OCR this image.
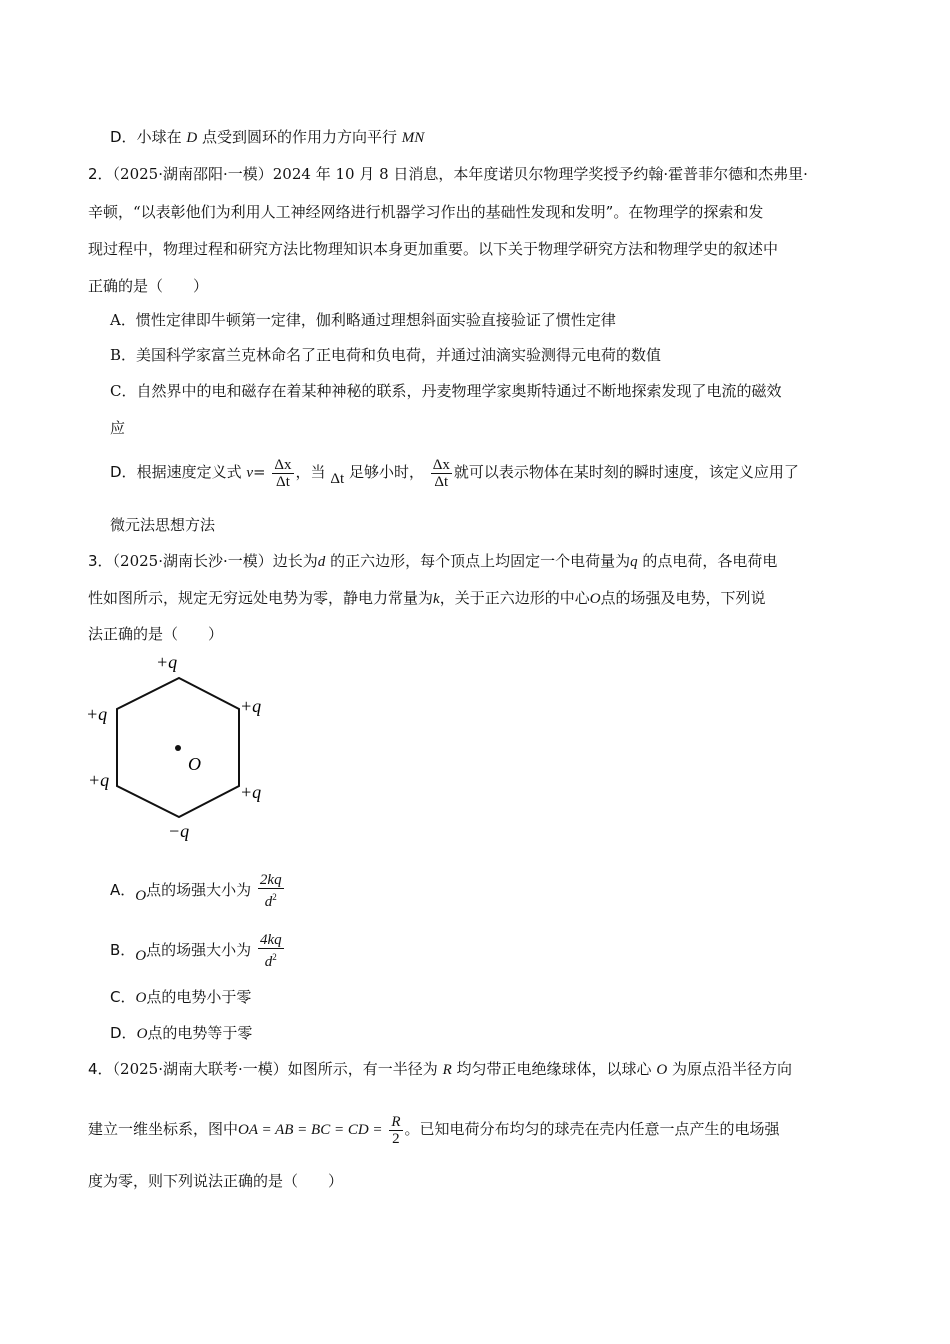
D．小球在 D 点受到圆环的作用力方向平行 MN
2．（2025·湖南邵阳·一模）2024 年 10 月 8 日消息，本年度诺贝尔物理学奖授予约翰·霍普菲尔德和杰弗里·
辛顿，“以表彰他们为利用人工神经网络进行机器学习作出的基础性发现和发明”。在物理学的探索和发
现过程中，物理过程和研究方法比物理知识本身更加重要。以下关于物理学研究方法和物理学史的叙述中
正确的是（　　）
A．惯性定律即牛顿第一定律，伽利略通过理想斜面实验直接验证了惯性定律
B．美国科学家富兰克林命名了正电荷和负电荷，并通过油滴实验测得元电荷的数值
C．自然界中的电和磁存在着某种神秘的联系，丹麦物理学家奥斯特通过不断地探索发现了电流的磁效
应
D．根据速度定义式 $v= \frac{\Delta x}{\Delta t}$ ，当 Δt 足够小时， $\frac{\Delta x}{\Delta t}$ 就可以表示物体在某时刻的瞬时速度，该定义应用了
微元法思想方法
3．（2025·湖南长沙·一模）边长为d 的正六边形，每个顶点上均固定一个电荷量为q 的点电荷，各电荷电
性如图所示，规定无穷远处电势为零，静电力常量为k，关于正六边形的中心O点的场强及电势，下列说
法正确的是（　　）
O
+q
+q	+q
+q
+q
−q
A．O点的场强大小为 $\frac{2kq}{d^2}$
B．O点的场强大小为 $\frac{4kq}{d^2}$
C．O点的电势小于零
D．O点的电势等于零
4．（2025·湖南大联考·一模）如图所示，有一半径为 R 均匀带正电绝缘球体，以球心 O 为原点沿半径方向
建立一维坐标系，图中OA = AB = BC = CD = $\frac{R}{2}$ 。已知电荷分布均匀的球壳在壳内任意一点产生的电场强
度为零，则下列说法正确的是（　　）
